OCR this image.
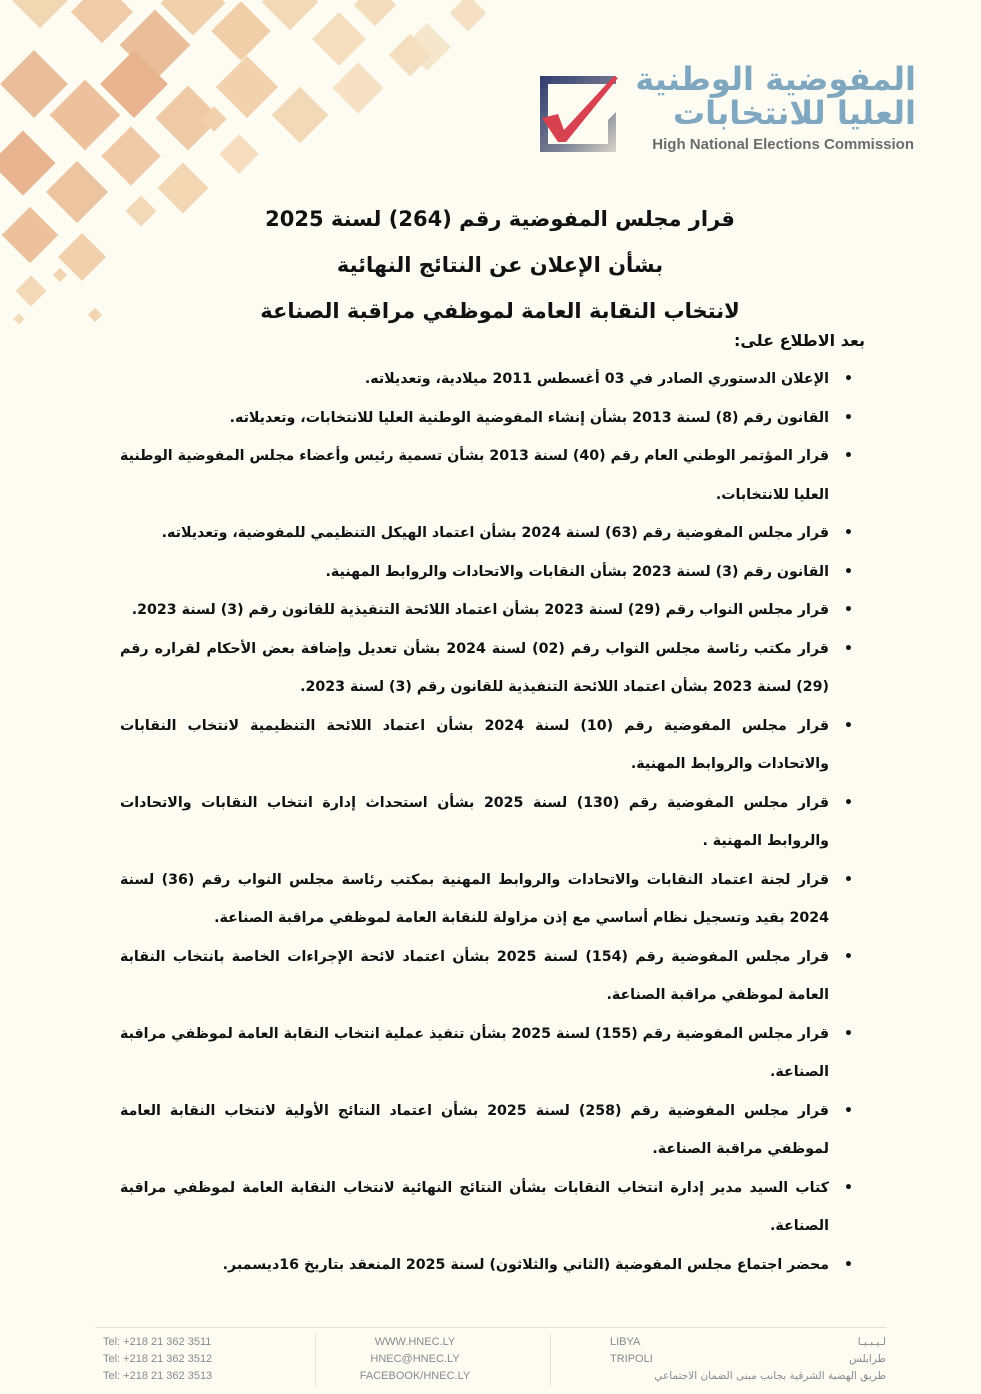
المفوضية الوطنية
العليا للانتخابات
High National Elections Commission
قرار مجلس المفوضية رقم (264) لسنة 2025
بشأن الإعلان عن النتائج النهائية
لانتخاب النقابة العامة لموظفي مراقبة الصناعة
بعد الاطلاع على:
•
الإعلان الدستوري الصادر في 03 أغسطس 2011 ميلادية، وتعديلاته.
•
القانون رقم (8) لسنة 2013 بشأن إنشاء المفوضية الوطنية العليا للانتخابات، وتعديلاته.
•
قرار المؤتمر الوطني العام رقم (40) لسنة 2013 بشأن تسمية رئيس وأعضاء مجلس المفوضية الوطنية العليا للانتخابات.
•
قرار مجلس المفوضية رقم (63) لسنة 2024 بشأن اعتماد الهيكل التنظيمي للمفوضية، وتعديلاته.
•
القانون رقم (3) لسنة 2023 بشأن النقابات والاتحادات والروابط المهنية.
•
قرار مجلس النواب رقم (29) لسنة 2023 بشأن اعتماد اللائحة التنفيذية للقانون رقم (3) لسنة 2023.
•
قرار مكتب رئاسة مجلس النواب رقم (02) لسنة 2024 بشأن تعديل وإضافة بعض الأحكام لقراره رقم (29) لسنة 2023 بشأن اعتماد اللائحة التنفيذية للقانون رقم (3) لسنة 2023.
•
قرار مجلس المفوضية رقم (10) لسنة 2024 بشأن اعتماد اللائحة التنظيمية لانتخاب النقابات والاتحادات والروابط المهنية.
•
قرار مجلس المفوضية رقم (130) لسنة 2025 بشأن استحداث إدارة انتخاب النقابات والاتحادات والروابط المهنية .
•
قرار لجنة اعتماد النقابات والاتحادات والروابط المهنية بمكتب رئاسة مجلس النواب رقم (36) لسنة 2024 بقيد وتسجيل نظام أساسي مع إذن مزاولة للنقابة العامة لموظفي مراقبة الصناعة.
•
قرار مجلس المفوضية رقم (154) لسنة 2025 بشأن اعتماد لائحة الإجراءات الخاصة بانتخاب النقابة العامة لموظفي مراقبة الصناعة.
•
قرار مجلس المفوضية رقم (155) لسنة 2025 بشأن تنفيذ عملية انتخاب النقابة العامة لموظفي مراقبة الصناعة.
•
قرار مجلس المفوضية رقم (258) لسنة 2025 بشأن اعتماد النتائج الأولية لانتخاب النقابة العامة لموظفي مراقبة الصناعة.
•
كتاب السيد مدير إدارة انتخاب النقابات بشأن النتائج النهائية لانتخاب النقابة العامة لموظفي مراقبة الصناعة.
•
محضر اجتماع مجلس المفوضية (الثاني والثلاثون) لسنة 2025 المنعقد بتاريخ 16ديسمبر.
Tel: +218 21 362 3511
Tel: +218 21 362 3512
Tel: +218 21 362 3513
WWW.HNEC.LY
HNEC@HNEC.LY
FACEBOOK/HNEC.LY
LIBYA
TRIPOLI
لـيـبـيـا
طرابلس
طريق الهضبة الشرقية بجانب مبنى الضمان الاجتماعي
